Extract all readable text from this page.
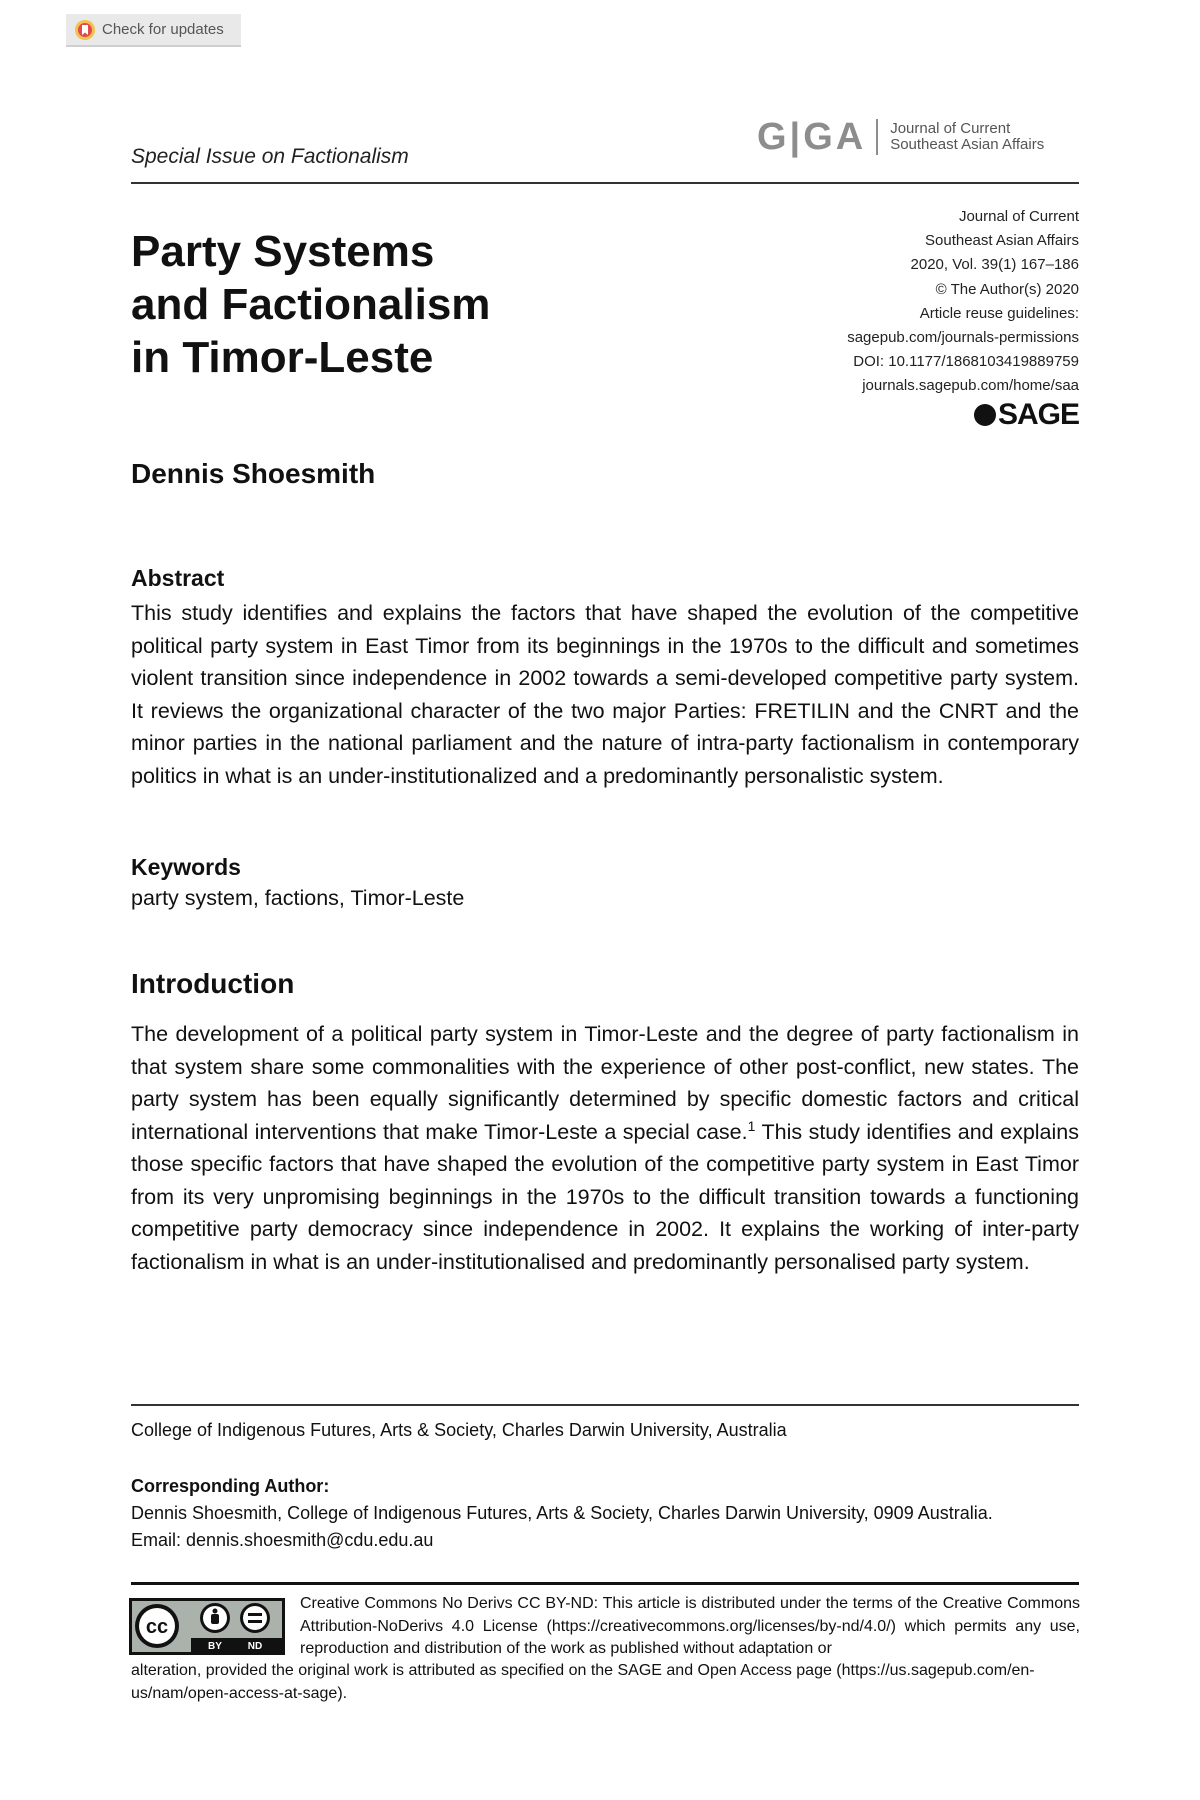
Check for updates
Special Issue on Factionalism	G|GA Journal of Current
Southeast Asian Affairs
Party Systems
and Factionalism
in Timor-Leste
Journal of Current
Southeast Asian Affairs
2020, Vol. 39(1) 167–186
© The Author(s) 2020
Article reuse guidelines:
sagepub.com/journals-permissions
DOI: 10.1177/1868103419889759
journals.sagepub.com/home/saa
SAGE
Dennis Shoesmith
Abstract
This study identifies and explains the factors that have shaped the evolution of the competitive political party system in East Timor from its beginnings in the 1970s to the difficult and sometimes violent transition since independence in 2002 towards a semi-developed competitive party system. It reviews the organizational character of the two major Parties: FRETILIN and the CNRT and the minor parties in the national parliament and the nature of intra-party factionalism in contemporary politics in what is an under-institutionalized and a predominantly personalistic system.
Keywords
party system, factions, Timor-Leste
Introduction
The development of a political party system in Timor-Leste and the degree of party factionalism in that system share some commonalities with the experience of other post-conflict, new states. The party system has been equally significantly determined by specific domestic factors and critical international interventions that make Timor-Leste a special case.$^1$ This study identifies and explains those specific factors that have shaped the evolution of the competitive party system in East Timor from its very unpromising beginnings in the 1970s to the difficult transition towards a functioning competitive party democracy since independence in 2002. It explains the working of inter-party factionalism in what is an under-institutionalised and predominantly personalised party system.
College of Indigenous Futures, Arts & Society, Charles Darwin University, Australia
Corresponding Author:
Dennis Shoesmith, College of Indigenous Futures, Arts & Society, Charles Darwin University, 0909 Australia.
Email: dennis.shoesmith@cdu.edu.au
cc
BY	ND
Creative Commons No Derivs CC BY-ND: This article is distributed under the terms of the Creative Commons Attribution-NoDerivs 4.0 License (https://creativecommons.org/licenses/by-nd/4.0/) which permits any use, reproduction and distribution of the work as published without adaptation or
alteration, provided the original work is attributed as specified on the SAGE and Open Access page (https://us.sagepub.com/en-us/nam/open-access-at-sage).
